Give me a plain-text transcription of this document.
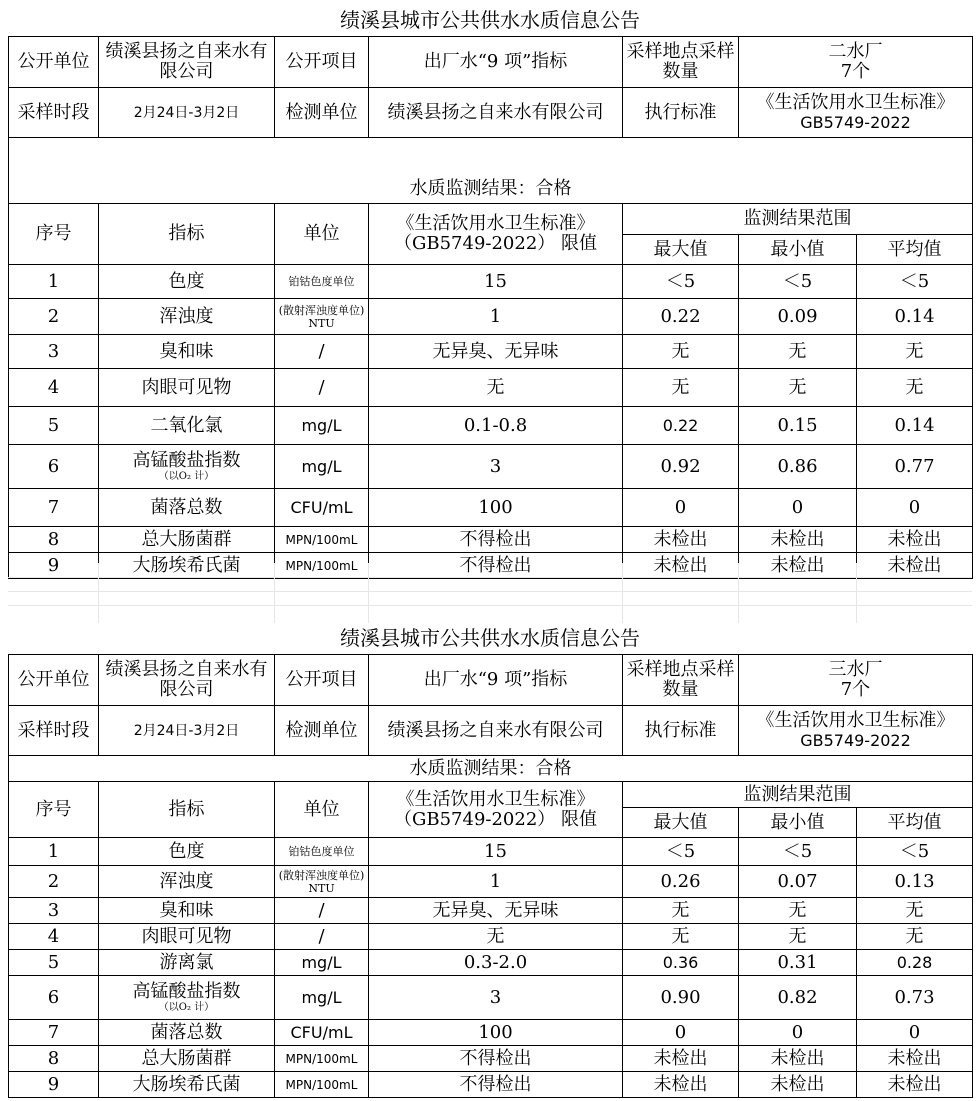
绩溪县城市公共供水水质信息公告
公开单位	绩溪县扬之自来水有限公司	公开项目	出厂水“9 项”指标	采样地点采样数量	二水厂
7个	

采样时段	2月24日-3月2日	检测单位	绩溪县扬之自来水有限公司	执行标准	《生活饮用水卫生标准》
GB5749-2022	

水质监测结果：合格						
序号	指标	单位	《生活饮用水卫生标准》（GB5749-2022） 限值	监测结果范围		
				最大值	最小值	平均值
1	色度	铂钴色度单位	15	＜5	＜5	＜5
2	浑浊度	(散射浑浊度单位) NTU	1	0.22	0.09	0.14
3	臭和味	/	无异臭、无异味	无	无	无
4	肉眼可见物	/	无	无	无	无
5	二氧化氯	mg/L	0.1-0.8	0.22	0.15	0.14
6	高锰酸盐指数
（以O₂ 计）	mg/L	3	0.92	0.86	0.77
7	菌落总数	CFU/mL	100	0	0	0
8	总大肠菌群	MPN/100mL	不得检出	未检出	未检出	未检出
9	大肠埃希氏菌	MPN/100mL	不得检出	未检出	未检出	未检出
绩溪县城市公共供水水质信息公告
公开单位	绩溪县扬之自来水有限公司	公开项目	出厂水“9 项”指标	采样地点采样数量	三水厂
7个	

采样时段	2月24日-3月2日	检测单位	绩溪县扬之自来水有限公司	执行标准	《生活饮用水卫生标准》
GB5749-2022	

水质监测结果：合格						
序号	指标	单位	《生活饮用水卫生标准》（GB5749-2022） 限值	监测结果范围		
				最大值	最小值	平均值
1	色度	铂钴色度单位	15	＜5	＜5	＜5
2	浑浊度	(散射浑浊度单位) NTU	1	0.26	0.07	0.13
3	臭和味	/	无异臭、无异味	无	无	无
4	肉眼可见物	/	无	无	无	无
5	游离氯	mg/L	0.3-2.0	0.36	0.31	0.28
6	高锰酸盐指数
（以O₂ 计）	mg/L	3	0.90	0.82	0.73
7	菌落总数	CFU/mL	100	0	0	0
8	总大肠菌群	MPN/100mL	不得检出	未检出	未检出	未检出
9	大肠埃希氏菌	MPN/100mL	不得检出	未检出	未检出	未检出
